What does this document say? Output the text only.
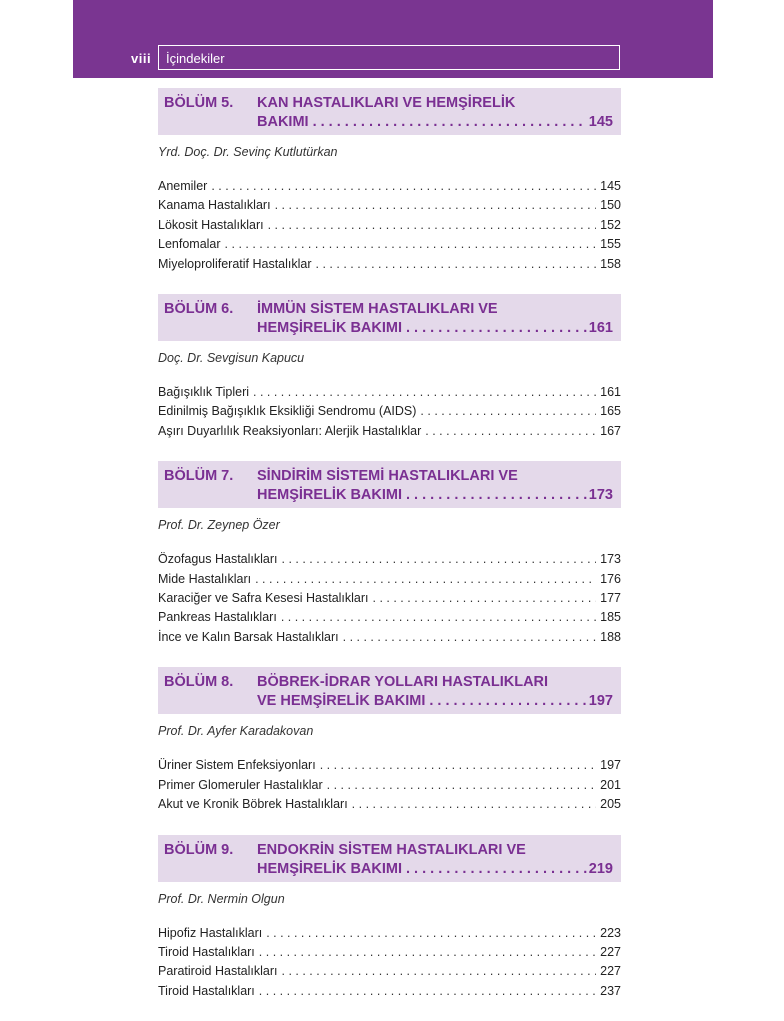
viii İçindekiler
BÖLÜM 5.	KAN HASTALIKLARI VE HEMŞİRELİK
BAKIMI . . .	145
Yrd. Doç. Dr. Sevinç Kutlutürkan
Anemiler . . .	145
Kanama Hastalıkları . . .	150
Lökosit Hastalıkları . . .	152
Lenfomalar . . .	155
Miyeloproliferatif Hastalıklar . . .	158
BÖLÜM 6.	İMMÜN SİSTEM HASTALIKLARI VE
HEMŞİRELİK BAKIMI . . .	161
Doç. Dr. Sevgisun Kapucu
Bağışıklık Tipleri . . .	161
Edinilmiş Bağışıklık Eksikliği Sendromu (AIDS) . . .	165
Aşırı Duyarlılık Reaksiyonları: Alerjik Hastalıklar . . .	167
BÖLÜM 7.	SİNDİRİM SİSTEMİ HASTALIKLARI VE
HEMŞİRELİK BAKIMI . . .	173
Prof. Dr. Zeynep Özer
Özofagus Hastalıkları . . .	173
Mide Hastalıkları . . .	176
Karaciğer ve Safra Kesesi Hastalıkları . . .	177
Pankreas Hastalıkları . . .	185
İnce ve Kalın Barsak Hastalıkları . . .	188
BÖLÜM 8.	BÖBREK-İDRAR YOLLARI HASTALIKLARI
VE HEMŞİRELİK BAKIMI . . .	197
Prof. Dr. Ayfer Karadakovan
Üriner Sistem Enfeksiyonları . . .	197
Primer Glomeruler Hastalıklar . . .	201
Akut ve Kronik Böbrek Hastalıkları . . .	205
BÖLÜM 9.	ENDOKRİN SİSTEM HASTALIKLARI VE
HEMŞİRELİK BAKIMI . . .	219
Prof. Dr. Nermin Olgun
Hipofiz Hastalıkları . . .	223
Tiroid Hastalıkları . . .	227
Paratiroid Hastalıkları . . .	227
Tiroid Hastalıkları . . .	237
